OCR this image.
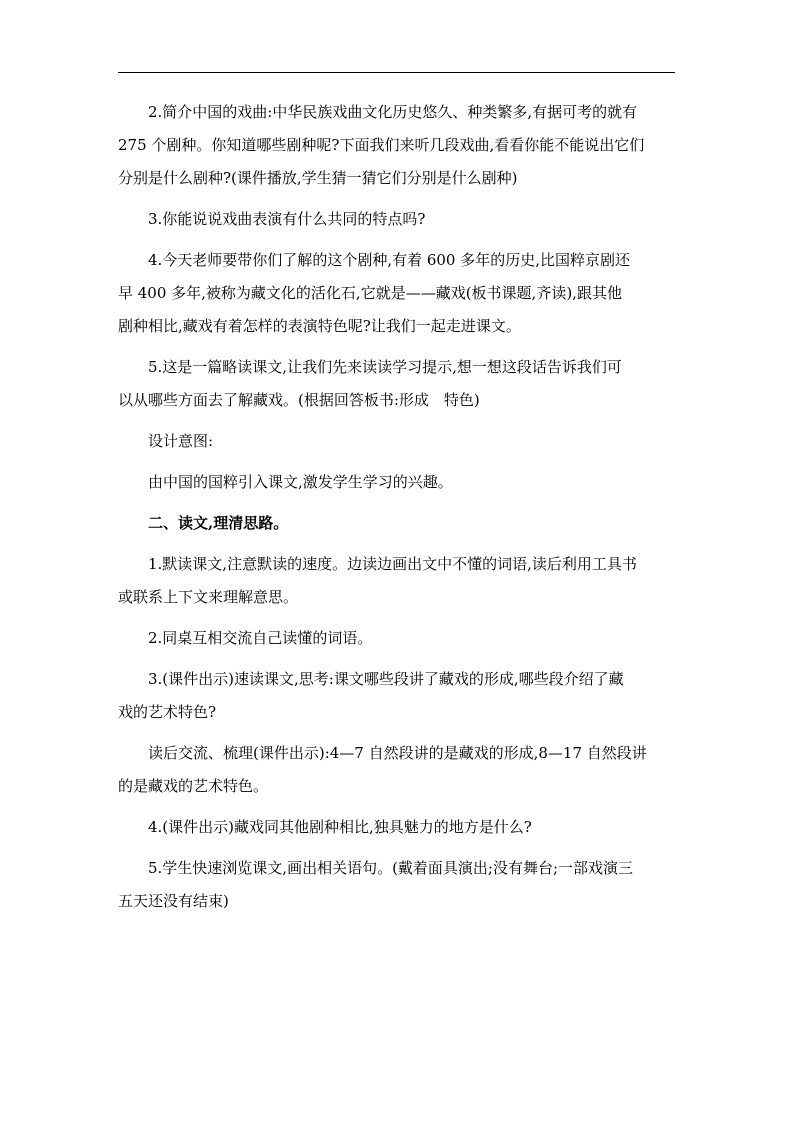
2.简介中国的戏曲:中华民族戏曲文化历史悠久、种类繁多,有据可考的就有
275 个剧种。你知道哪些剧种呢?下面我们来听几段戏曲,看看你能不能说出它们
分别是什么剧种?(课件播放,学生猜一猜它们分别是什么剧种)
3.你能说说戏曲表演有什么共同的特点吗?
4.今天老师要带你们了解的这个剧种,有着 600 多年的历史,比国粹京剧还
早 400 多年,被称为藏文化的活化石,它就是——藏戏(板书课题,齐读),跟其他
剧种相比,藏戏有着怎样的表演特色呢?让我们一起走进课文。
5.这是一篇略读课文,让我们先来读读学习提示,想一想这段话告诉我们可
以从哪些方面去了解藏戏。(根据回答板书:形成　特色)
设计意图:
由中国的国粹引入课文,激发学生学习的兴趣。
二、读文,理清思路。
1.默读课文,注意默读的速度。边读边画出文中不懂的词语,读后利用工具书
或联系上下文来理解意思。
2.同桌互相交流自己读懂的词语。
3.(课件出示)速读课文,思考:课文哪些段讲了藏戏的形成,哪些段介绍了藏
戏的艺术特色?
读后交流、梳理(课件出示):4—7 自然段讲的是藏戏的形成,8—17 自然段讲
的是藏戏的艺术特色。
4.(课件出示)藏戏同其他剧种相比,独具魅力的地方是什么?
5.学生快速浏览课文,画出相关语句。(戴着面具演出;没有舞台;一部戏演三
五天还没有结束)
